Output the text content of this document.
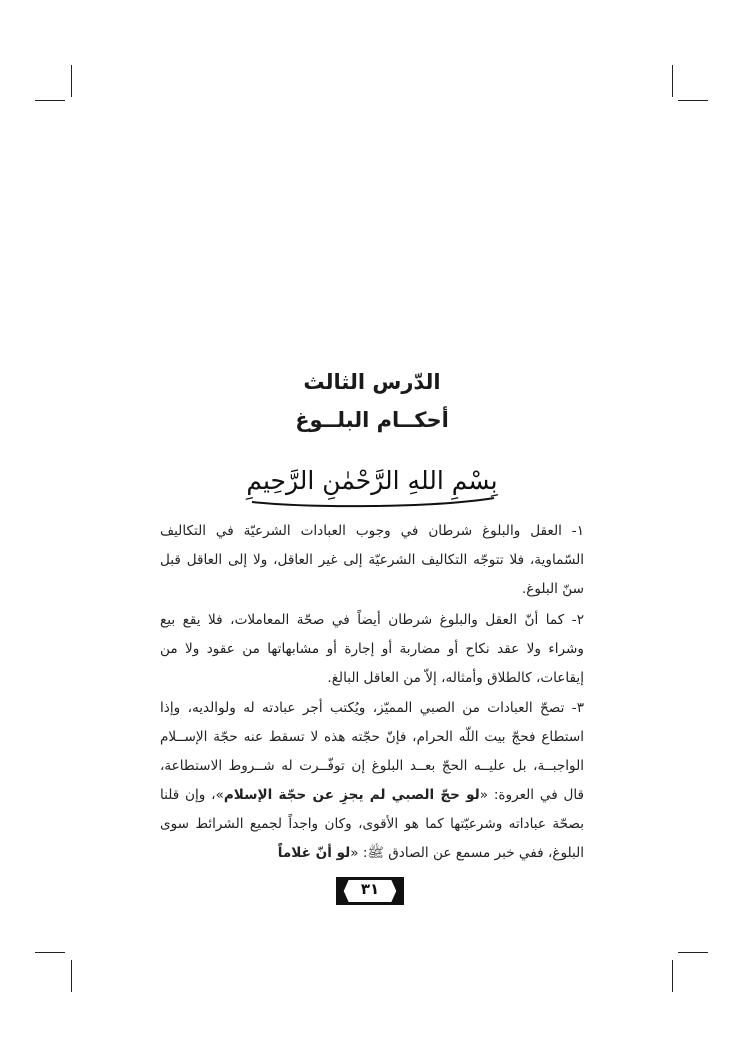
الدّرس الثالث
أحكــام البلــوغ
بِسْمِ اللهِ الرَّحْمٰنِ الرَّحِيمِ

١- العقل والبلوغ شرطان في وجوب العبادات الشرعيّة في التكاليف السّماوية، فلا تتوجّه التكاليف الشرعيّة إلى غير العاقل، ولا إلى العاقل قبل سنّ البلوغ.

٢- كما أنّ العقل والبلوغ شرطان أيضاً في صحّة المعاملات، فلا يقع بيع وشراء ولا عقد نكاح أو مضاربة أو إجارة أو مشابهاتها من عقود ولا من إيقاعات، كالطلاق وأمثاله، إلاّ من العاقل البالغ.

٣- تصحّ العبادات من الصبي المميّز، ويُكتب أجر عبادته له ولوالديه، وإذا استطاع فحجّ بيت اللّه الحرام، فإنّ حجّته هذه لا تسقط عنه حجّة الإســلام الواجبــة، بل عليــه الحجّ بعــد البلوغ إن توفّــرت له شــروط الاستطاعة، قال في العروة: «لو حجّ الصبي لم يجزِ عن حجّة الإسلام»، وإن قلنا بصحّة عباداته وشرعيّتها كما هو الأقوى، وكان واجداً لجميع الشرائط سوى البلوغ، ففي خبر مسمع عن الصادق ﷺ: «لو أنّ غلاماً

٣١
